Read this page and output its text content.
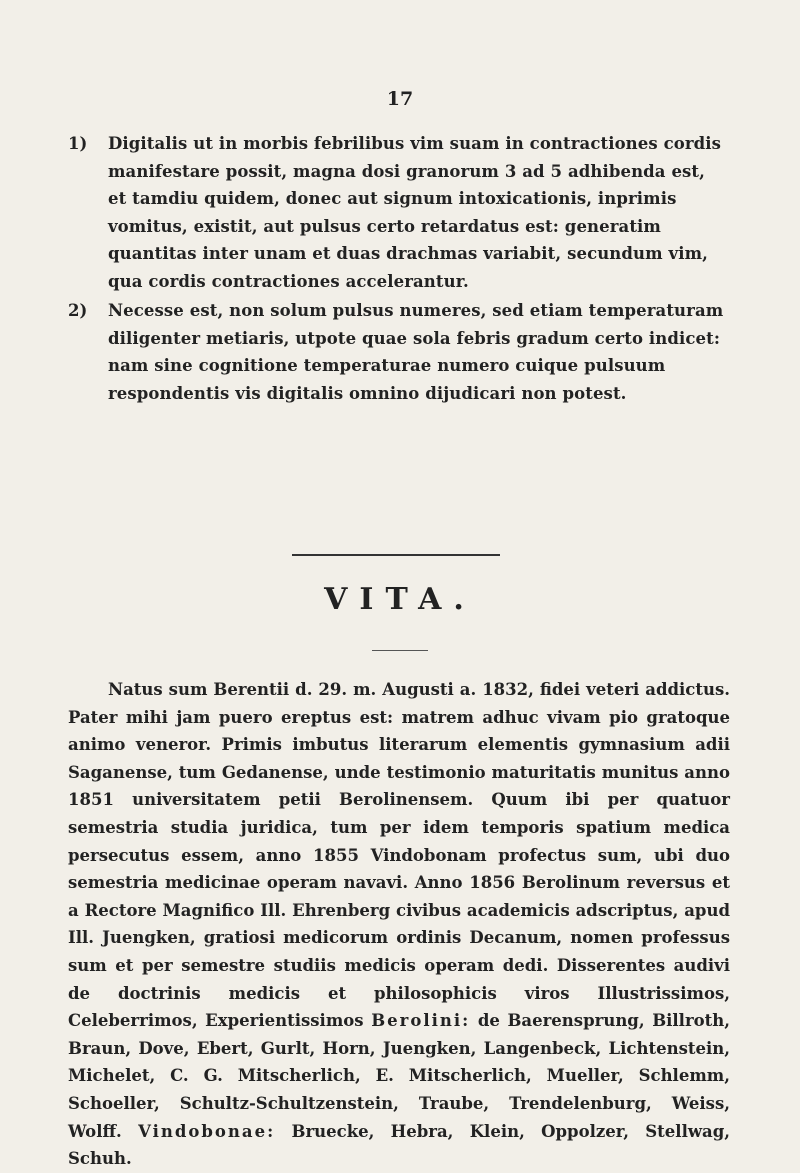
17
1)	Digitalis ut in morbis febrilibus vim suam in contractiones cordis manifestare possit, magna dosi granorum 3 ad 5 adhibenda est, et tamdiu quidem, donec aut signum intoxicationis, inprimis vomitus, existit, aut pulsus certo retardatus est: generatim quantitas inter unam et duas drachmas variabit, secundum vim, qua cordis contractiones accelerantur.
2)	Necesse est, non solum pulsus numeres, sed etiam temperaturam diligenter metiaris, utpote quae sola febris gradum certo indicet: nam sine cognitione temperaturae numero cuique pulsuum respondentis vis digitalis omnino dijudicari non potest.
VITA.

Natus sum Berentii d. 29. m. Augusti a. 1832, fidei veteri addictus. Pater mihi jam puero ereptus est: matrem adhuc vivam pio gratoque animo veneror. Primis imbutus literarum elementis gymnasium adii Saganense, tum Gedanense, unde testimonio maturitatis munitus anno 1851 universitatem petii Berolinensem. Quum ibi per quatuor semestria studia juridica, tum per idem temporis spatium medica persecutus essem, anno 1855 Vindobonam profectus sum, ubi duo semestria medicinae operam navavi. Anno 1856 Berolinum reversus et a Rectore Magnifico Ill. Ehrenberg civibus academicis adscriptus, apud Ill. Juengken, gratiosi medicorum ordinis Decanum, nomen professus sum et per semestre studiis medicis operam dedi. Disserentes audivi de doctrinis medicis et philosophicis viros Illustrissimos, Celeberrimos, Experientissimos Berolini: de Baerensprung, Billroth, Braun, Dove, Ebert, Gurlt, Horn, Juengken, Langenbeck, Lichtenstein, Michelet, C. G. Mitscherlich, E. Mitscherlich, Mueller, Schlemm, Schoeller, Schultz-Schultzenstein, Traube, Trendelenburg, Weiss, Wolff. Vindobonae: Bruecke, Hebra, Klein, Oppolzer, Stellwag, Schuh.
